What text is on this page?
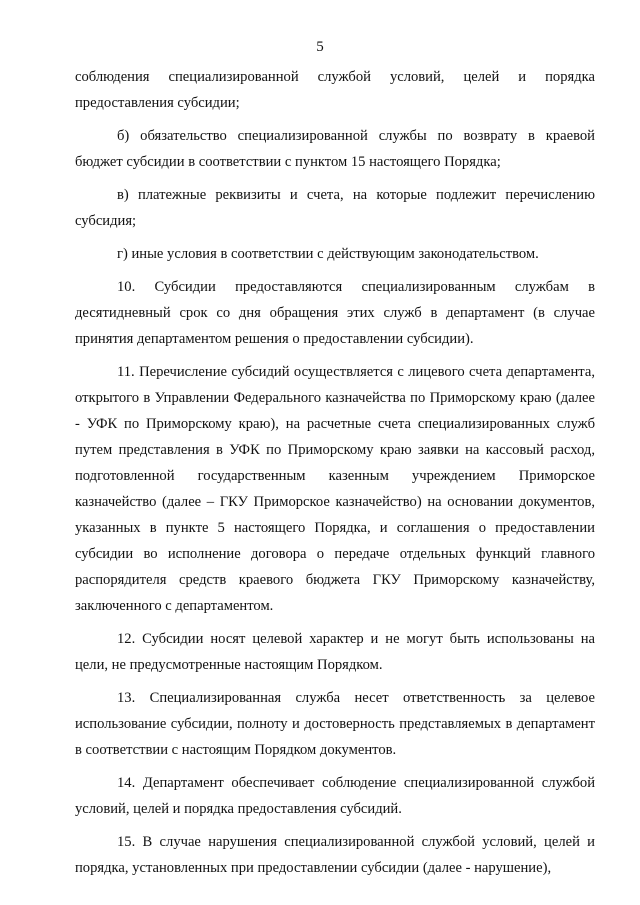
5

соблюдения специализированной службой условий, целей и порядка предоставления субсидии;

б) обязательство специализированной службы по возврату в краевой бюджет субсидии в соответствии с пунктом 15 настоящего Порядка;

в) платежные реквизиты и счета, на которые подлежит перечислению субсидия;

г) иные условия в соответствии с действующим законодательством.

10. Субсидии предоставляются специализированным службам в десятидневный срок со дня обращения этих служб в департамент (в случае принятия департаментом решения о предоставлении субсидии).

11. Перечисление субсидий осуществляется с лицевого счета департамента, открытого в Управлении Федерального казначейства по Приморскому краю (далее - УФК по Приморскому краю), на расчетные счета специализированных служб путем представления в УФК по Приморскому краю заявки на кассовый расход, подготовленной государственным казенным учреждением Приморское казначейство (далее – ГКУ Приморское казначейство) на основании документов, указанных в пункте 5 настоящего Порядка, и соглашения о предоставлении субсидии во исполнение договора о передаче отдельных функций главного распорядителя средств краевого бюджета ГКУ Приморскому казначейству, заключенного с департаментом.

12. Субсидии носят целевой характер и не могут быть использованы на цели, не предусмотренные настоящим Порядком.

13. Специализированная служба несет ответственность за целевое использование субсидии, полноту и достоверность представляемых в департамент в соответствии с настоящим Порядком документов.

14. Департамент обеспечивает соблюдение специализированной службой условий, целей и порядка предоставления субсидий.

15. В случае нарушения специализированной службой условий, целей и порядка, установленных при предоставлении субсидии (далее - нарушение),
